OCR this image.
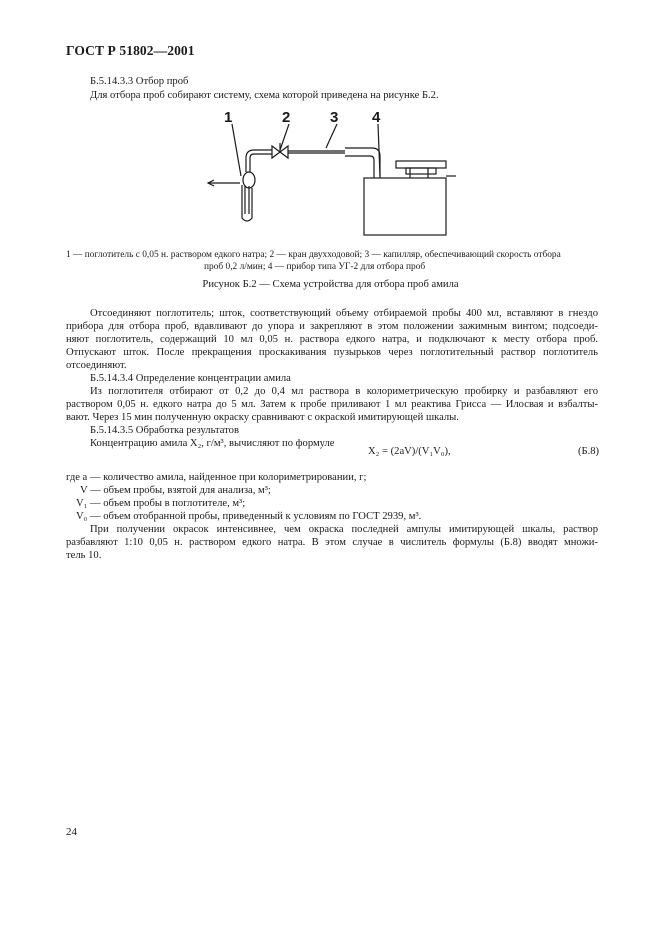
ГОСТ Р 51802—2001
Б.5.14.3.3 Отбор проб
Для отбора проб собирают систему, схема которой приведена на рисунке Б.2.
1	2	3 4
1 — поглотитель с 0,05 н. раствором едкого натра; 2 — кран двухходовой; 3 — капилляр, обеспечивающий скорость отбора
проб 0,2 л/мин; 4 — прибор типа УГ-2 для отбора проб
Рисунок Б.2 — Схема устройства для отбора проб амила
Отсоединяют поглотитель; шток, соответствующий объему отбираемой пробы 400 мл, вставляют в гнездо
прибора для отбора проб, вдавливают до упора и закрепляют в этом положении зажимным винтом; подсоеди-
няют поглотитель, содержащий 10 мл 0,05 н. раствора едкого натра, и подключают к месту отбора проб.
Отпускают шток. После прекращения проскакивания пузырьков через поглотительный раствор поглотитель
отсоединяют.
Б.5.14.3.4 Определение концентрации амила
Из поглотителя отбирают от 0,2 до 0,4 мл раствора в колориметрическую пробирку и разбавляют его
раствором 0,05 н. едкого натра до 5 мл. Затем к пробе приливают 1 мл реактива Грисса — Илосвая и взбалты-
вают. Через 15 мин полученную окраску сравнивают с окраской имитирующей шкалы.
Б.5.14.3.5 Обработка результатов
Концентрацию амила X₂, г/м³, вычисляют по формуле
X₂ = (2aV)/(V₁V₀),	(Б.8)
где a — количество амила, найденное при колориметрировании, г;
V — объем пробы, взятой для анализа, м³;
V₁ — объем пробы в поглотителе, м³;
V₀ — объем отобранной пробы, приведенный к условиям по ГОСТ 2939, м³.
При получении окрасок интенсивнее, чем окраска последней ампулы имитирующей шкалы, раствор
разбавляют 1:10 0,05 н. раствором едкого натра. В этом случае в числитель формулы (Б.8) вводят множи-
тель 10.
24
